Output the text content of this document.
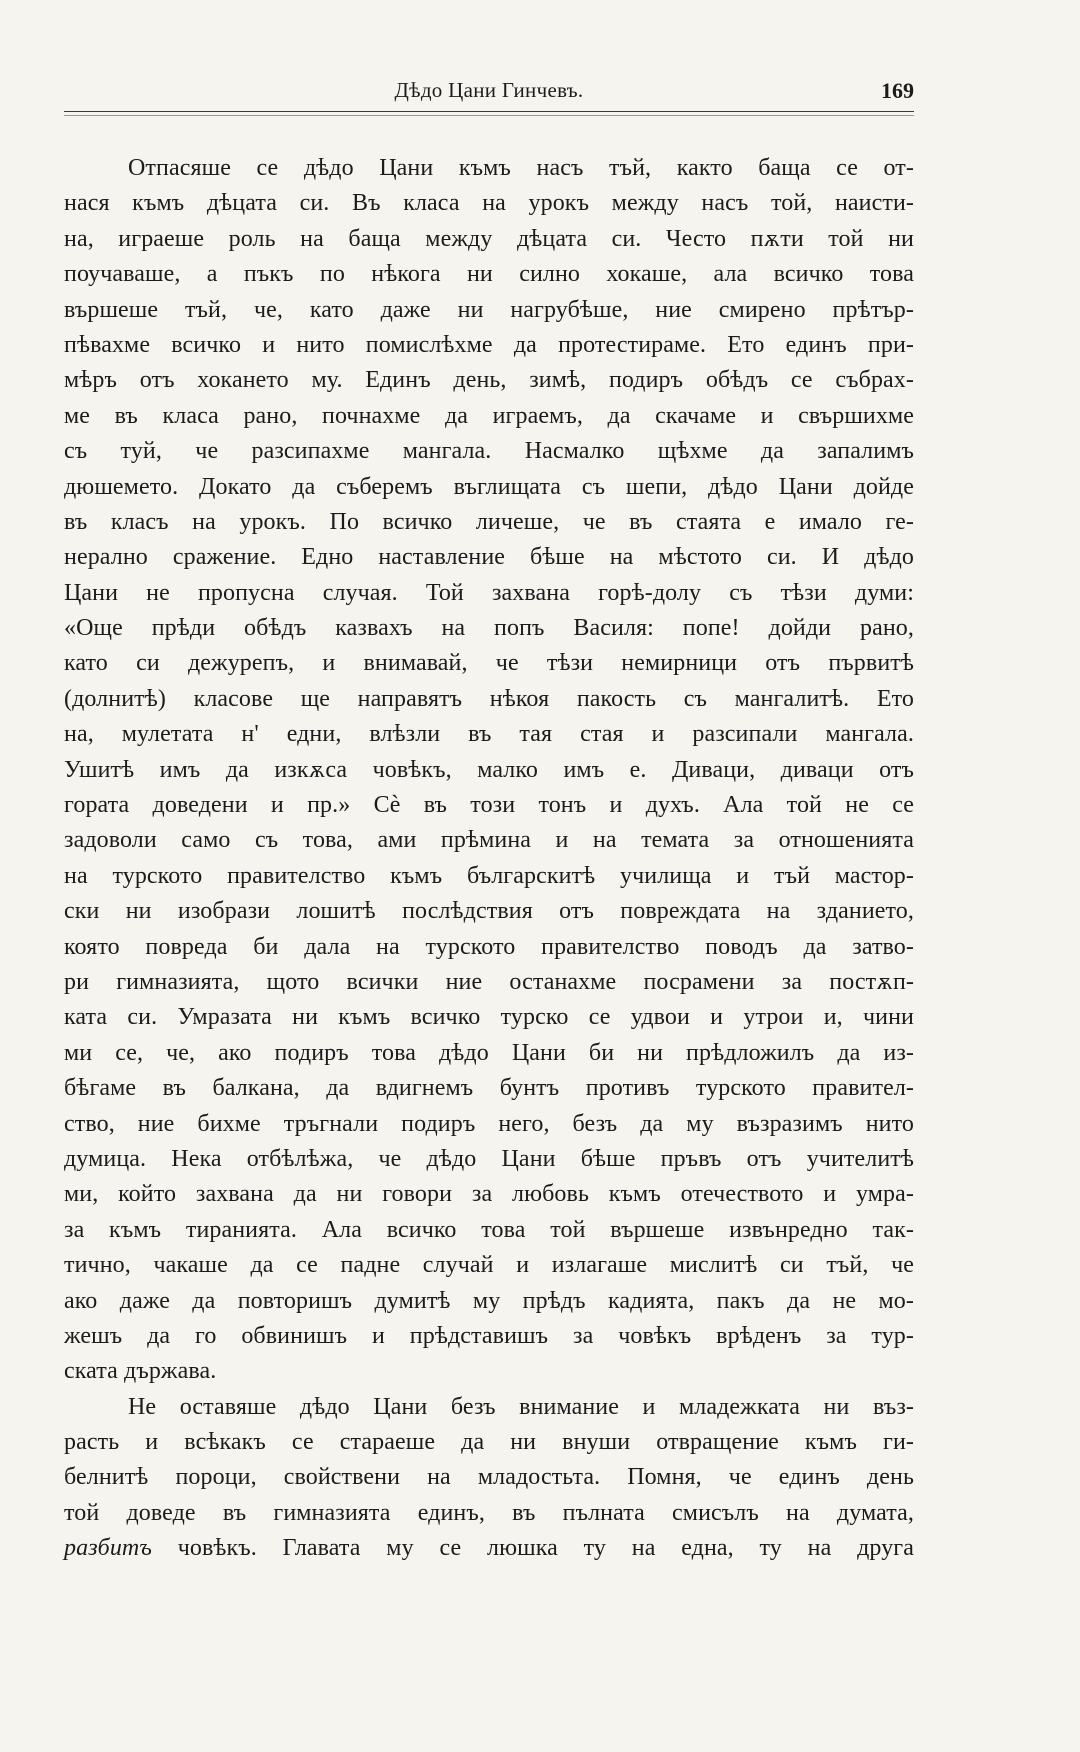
Дѣдо Цани Гинчевъ.	169
Отпасяше се дѣдо Цани къмъ насъ тъй, както баща се от-
нася къмъ дѣцата си. Въ класа на урокъ между насъ той, наисти-
на, играеше роль на баща между дѣцата си. Често пѫти той ни
поучаваше, а пъкъ по нѣкога ни силно хокаше, ала всичко това
вършеше тъй, че, като даже ни нагрубѣше, ние смирено прѣтър-
пѣвахме всичко и нито помислѣхме да протестираме. Ето единъ при-
мѣръ отъ хокането му. Единъ день, зимѣ, подиръ обѣдъ се събрах-
ме въ класа рано, почнахме да играемъ, да скачаме и свършихме
съ туй, че разсипахме мангала. Насмалко щѣхме да запалимъ
дюшемето. Докато да съберемъ въглищата съ шепи, дѣдо Цани дойде
въ класъ на урокъ. По всичко личеше, че въ стаята е имало ге-
нерално сражение. Едно наставление бѣше на мѣстото си. И дѣдо
Цани не пропусна случая. Той захвана горѣ-долу съ тѣзи думи:
«Още прѣди обѣдъ казвахъ на попъ Василя: попе! дойди рано,
като си дежурепъ, и внимавай, че тѣзи немирници отъ първитѣ
(долнитѣ) класове ще направятъ нѣкоя пакость съ мангалитѣ. Ето
на, мулетата н' едни, влѣзли въ тая стая и разсипали мангала.
Ушитѣ имъ да изкѫса човѣкъ, малко имъ е. Диваци, диваци отъ
гората доведени и пр.» Сѐ въ този тонъ и духъ. Ала той не се
задоволи само съ това, ами прѣмина и на темата за отношенията
на турското правителство къмъ българскитѣ училища и тъй мастор-
ски ни изобрази лошитѣ послѣдствия отъ повреждата на зданието,
която повреда би дала на турското правителство поводъ да затво-
ри гимназията, щото всички ние останахме посрамени за постѫп-
ката си. Умразата ни къмъ всичко турско се удвои и утрои и, чини
ми се, че, ако подиръ това дѣдо Цани би ни прѣдложилъ да из-
бѣгаме въ балкана, да вдигнемъ бунтъ противъ турското правител-
ство, ние бихме тръгнали подиръ него, безъ да му възразимъ нито
думица. Нека отбѣлѣжа, че дѣдо Цани бѣше пръвъ отъ учителитѣ
ми, който захвана да ни говори за любовь къмъ отечеството и умра-
за къмъ тиранията. Ала всичко това той вършеше извънредно так-
тично, чакаше да се падне случай и излагаше мислитѣ си тъй, че
ако даже да повторишъ думитѣ му прѣдъ кадията, пакъ да не мо-
жешъ да го обвинишъ и прѣдставишъ за човѣкъ врѣденъ за тур-
ската държава.
Не оставяше дѣдо Цани безъ внимание и младежката ни въз-
расть и всѣкакъ се стараеше да ни внуши отвращение къмъ ги-
белнитѣ пороци, свойствени на младостьта. Помня, че единъ день
той доведе въ гимназията единъ, въ пълната смисълъ на думата,
разбитъ човѣкъ. Главата му се люшка ту на една, ту на друга
